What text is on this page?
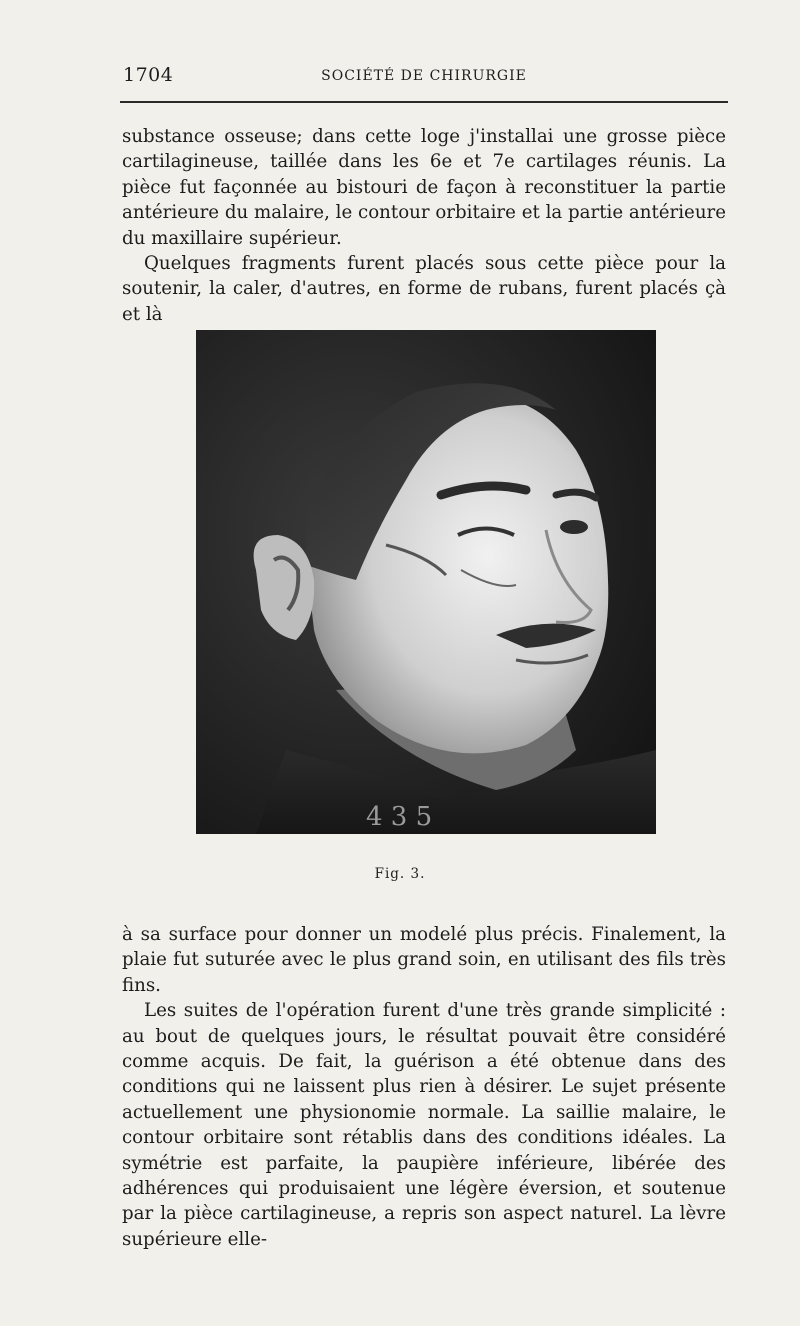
1704	SOCIÉTÉ DE CHIRURGIE

substance osseuse; dans cette loge j'installai une grosse pièce cartilagineuse, taillée dans les 6e et 7e cartilages réunis. La pièce fut façonnée au bistouri de façon à reconstituer la partie antérieure du malaire, le contour orbitaire et la partie antérieure du maxillaire supérieur.

Quelques fragments furent placés sous cette pièce pour la soutenir, la caler, d'autres, en forme de rubans, furent placés çà et là

4 3 5
Fig. 3.

à sa surface pour donner un modelé plus précis. Finalement, la plaie fut suturée avec le plus grand soin, en utilisant des fils très fins.

Les suites de l'opération furent d'une très grande simplicité : au bout de quelques jours, le résultat pouvait être considéré comme acquis. De fait, la guérison a été obtenue dans des conditions qui ne laissent plus rien à désirer. Le sujet présente actuellement une physionomie normale. La saillie malaire, le contour orbitaire sont rétablis dans des conditions idéales. La symétrie est parfaite, la paupière inférieure, libérée des adhérences qui produisaient une légère éversion, et soutenue par la pièce cartilagineuse, a repris son aspect naturel. La lèvre supérieure elle-
